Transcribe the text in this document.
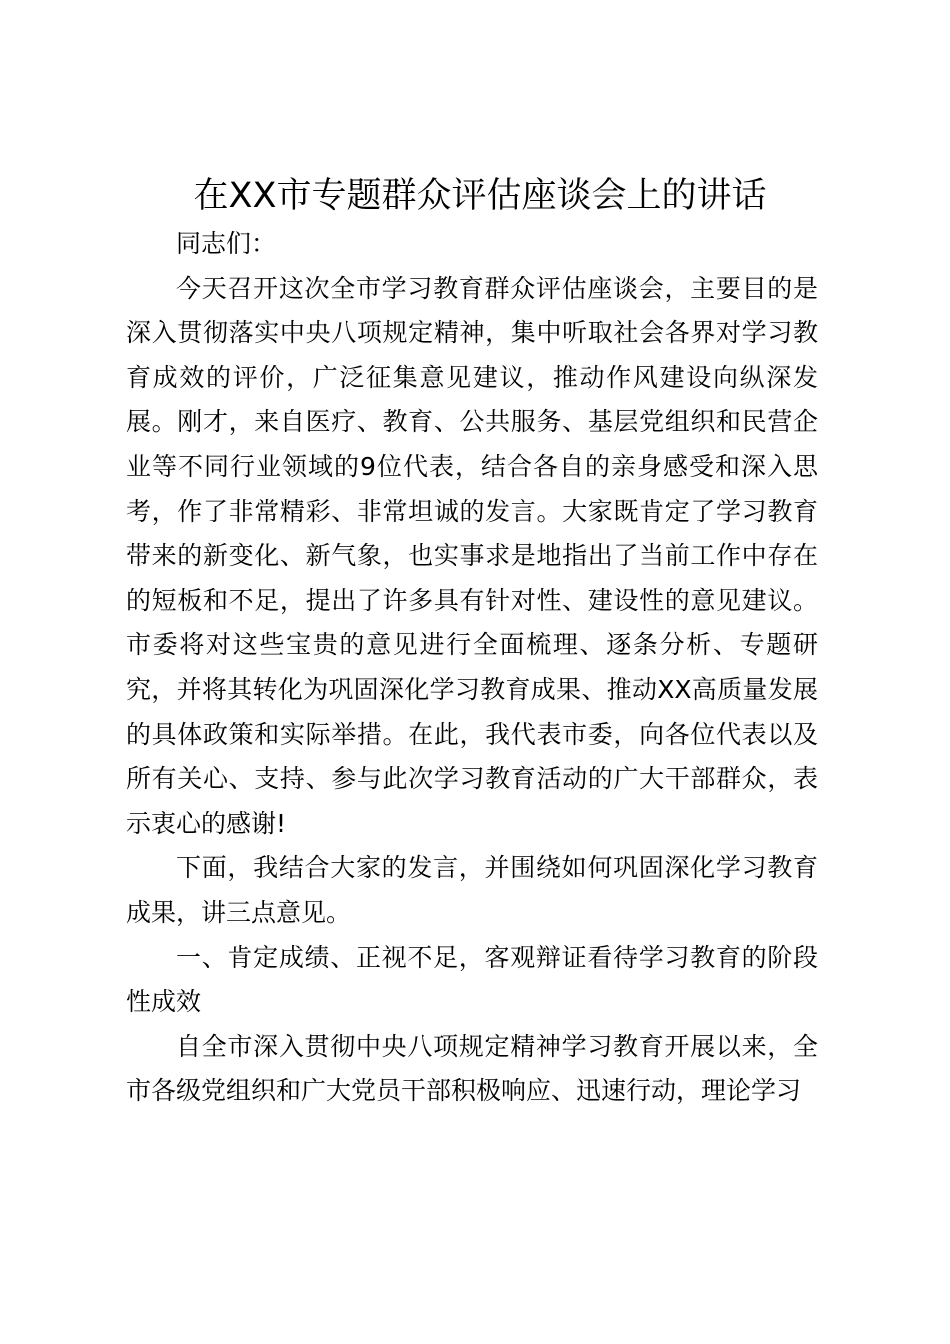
在XX市专题群众评估座谈会上的讲话

同志们：

今天召开这次全市学习教育群众评估座谈会，主要目的是深入贯彻落实中央八项规定精神，集中听取社会各界对学习教育成效的评价，广泛征集意见建议，推动作风建设向纵深发展。刚才，来自医疗、教育、公共服务、基层党组织和民营企业等不同行业领域的9位代表，结合各自的亲身感受和深入思考，作了非常精彩、非常坦诚的发言。大家既肯定了学习教育带来的新变化、新气象，也实事求是地指出了当前工作中存在的短板和不足，提出了许多具有针对性、建设性的意见建议。市委将对这些宝贵的意见进行全面梳理、逐条分析、专题研究，并将其转化为巩固深化学习教育成果、推动XX高质量发展的具体政策和实际举措。在此，我代表市委，向各位代表以及所有关心、支持、参与此次学习教育活动的广大干部群众，表示衷心的感谢!

下面，我结合大家的发言，并围绕如何巩固深化学习教育成果，讲三点意见。

一、肯定成绩、正视不足，客观辩证看待学习教育的阶段性成效

自全市深入贯彻中央八项规定精神学习教育开展以来，全市各级党组织和广大党员干部积极响应、迅速行动，理论学习
